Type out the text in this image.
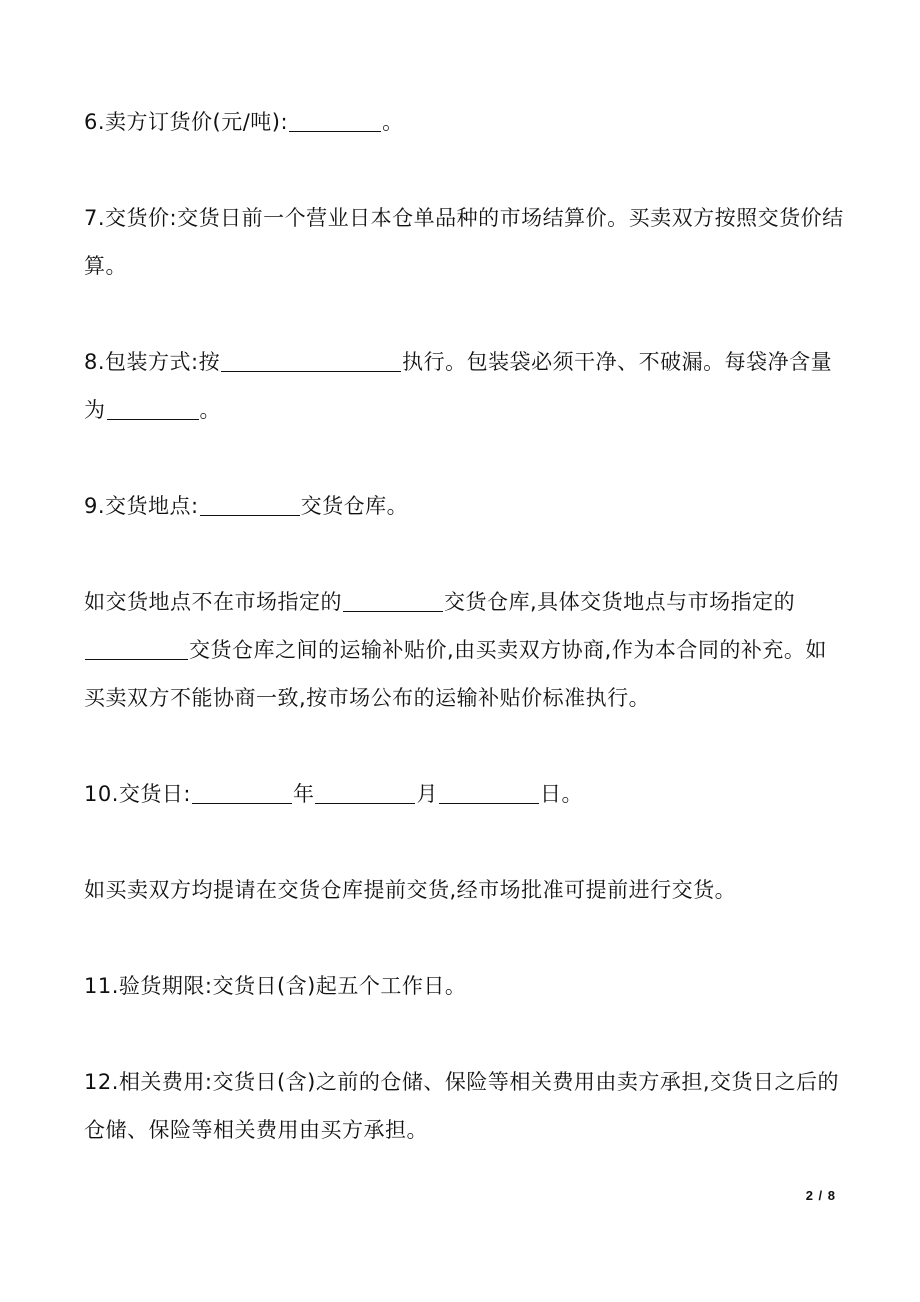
6.卖方订货价(元/吨):	。

7.交货价:交货日前一个营业日本仓单品种的市场结算价。买卖双方按照交货价结算。

8.包装方式:按	执行。包装袋必须干净、不破漏。每袋净含量为	。

9.交货地点:	交货仓库。

如交货地点不在市场指定的	交货仓库,具体交货地点与市场指定的交货仓库之间的运输补贴价,由买卖双方协商,作为本合同的补充。如买卖双方不能协商一致,按市场公布的运输补贴价标准执行。

10.交货日:	年	月	日。

如买卖双方均提请在交货仓库提前交货,经市场批准可提前进行交货。

11.验货期限:交货日(含)起五个工作日。

12.相关费用:交货日(含)之前的仓储、保险等相关费用由卖方承担,交货日之后的仓储、保险等相关费用由买方承担。

2 / 8
